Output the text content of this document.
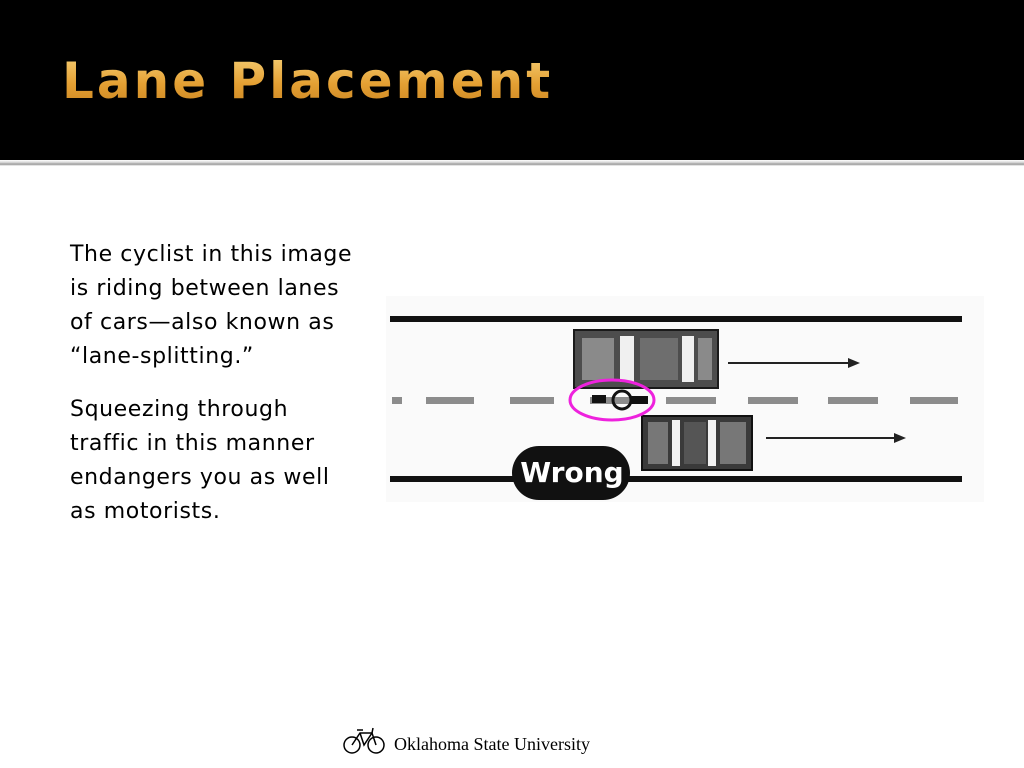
Lane Placement

The cyclist in this image is riding between lanes of cars—also known as “lane-splitting.”

Squeezing through traffic in this manner endangers you as well as motorists.

Wrong
Oklahoma State University
